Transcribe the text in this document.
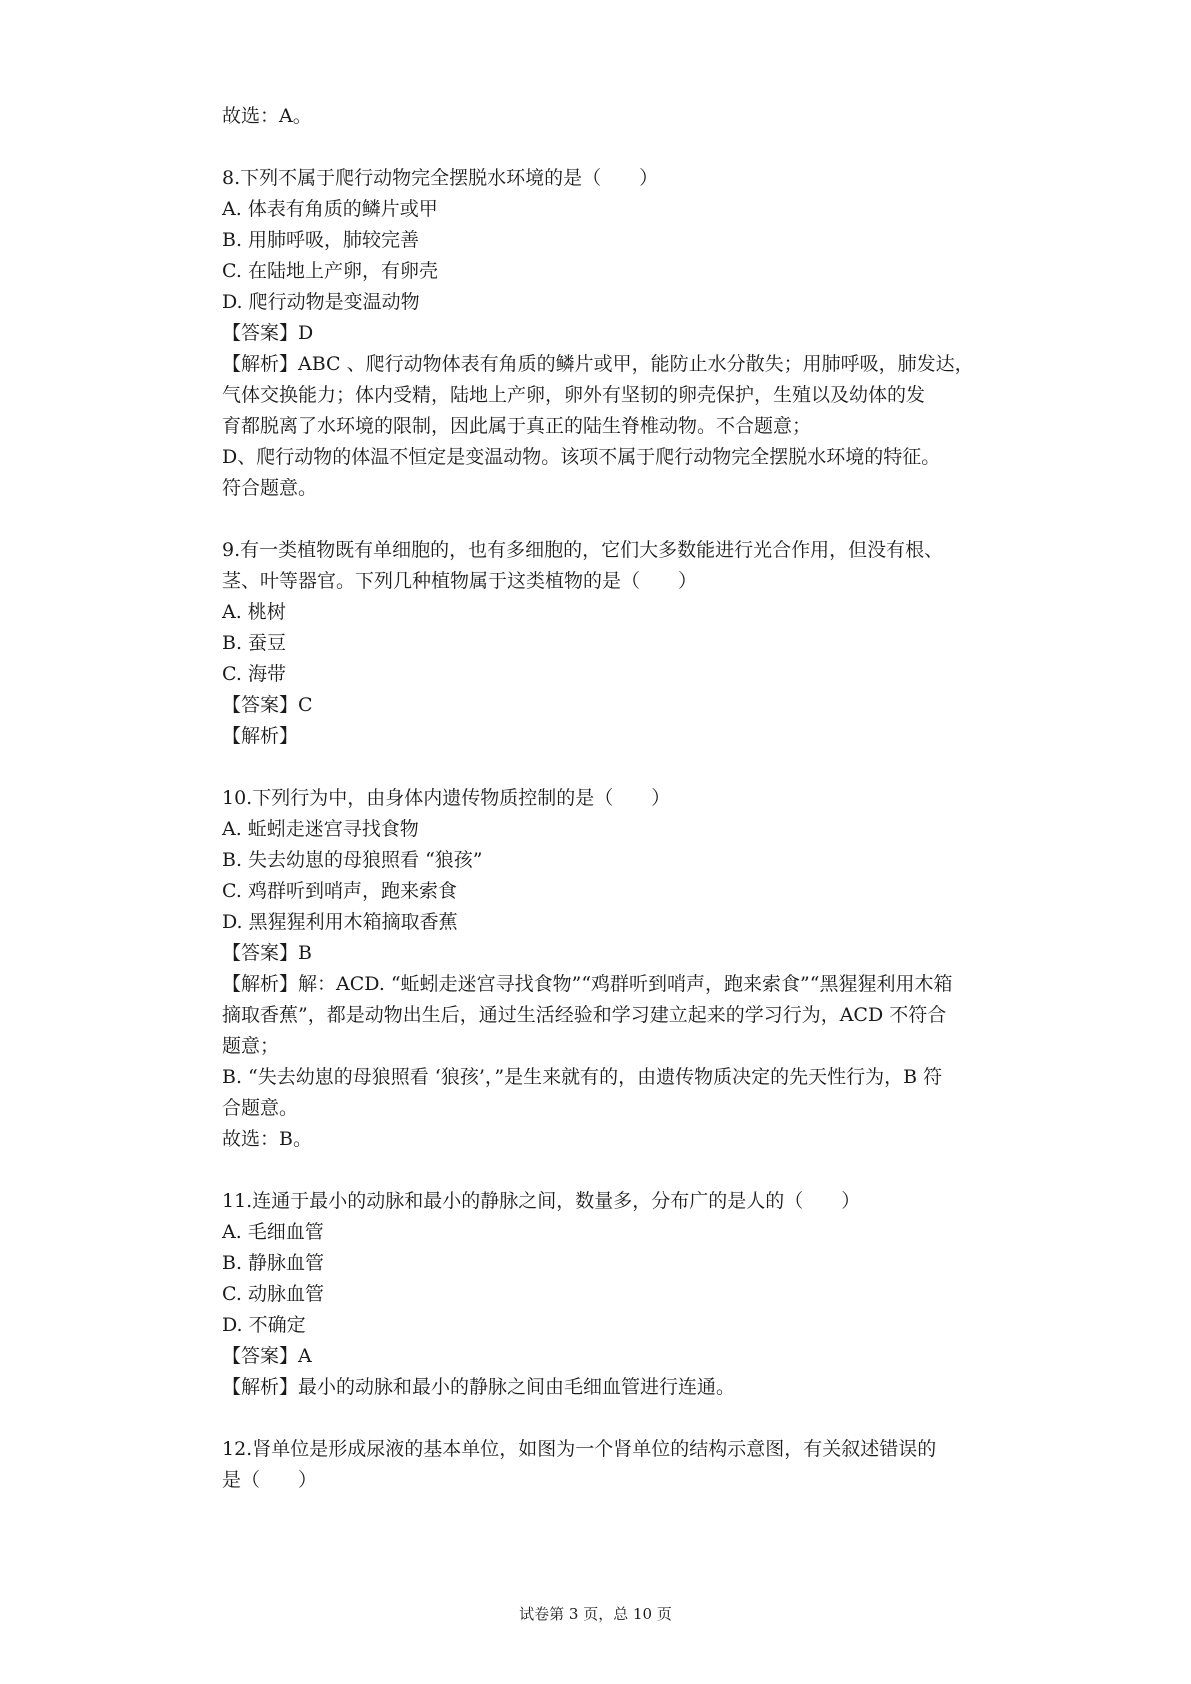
故选：A。
8.下列不属于爬行动物完全摆脱水环境的是（　　）
A. 体表有角质的鳞片或甲
B. 用肺呼吸，肺较完善
C. 在陆地上产卵，有卵壳
D. 爬行动物是变温动物
【答案】D
【解析】ABC 、爬行动物体表有角质的鳞片或甲，能防止水分散失；用肺呼吸，肺发达，
气体交换能力；体内受精，陆地上产卵，卵外有坚韧的卵壳保护，生殖以及幼体的发
育都脱离了水环境的限制，因此属于真正的陆生脊椎动物。不合题意；
D、爬行动物的体温不恒定是变温动物。该项不属于爬行动物完全摆脱水环境的特征。
符合题意。
9.有一类植物既有单细胞的，也有多细胞的，它们大多数能进行光合作用，但没有根、
茎、叶等器官。下列几种植物属于这类植物的是（　　）
A. 桃树
B. 蚕豆
C. 海带
【答案】C
【解析】
10.下列行为中，由身体内遗传物质控制的是（　　）
A. 蚯蚓走迷宫寻找食物
B. 失去幼崽的母狼照看 “狼孩”
C. 鸡群听到哨声，跑来索食
D. 黑猩猩利用木箱摘取香蕉
【答案】B
【解析】解：ACD. “蚯蚓走迷宫寻找食物”“鸡群听到哨声，跑来索食”“黑猩猩利用木箱
摘取香蕉”，都是动物出生后，通过生活经验和学习建立起来的学习行为，ACD 不符合
题意；
B. “失去幼崽的母狼照看 ‘狼孩’，”是生来就有的，由遗传物质决定的先天性行为，B 符
合题意。
故选：B。
11.连通于最小的动脉和最小的静脉之间，数量多，分布广的是人的（　　）
A. 毛细血管
B. 静脉血管
C. 动脉血管
D. 不确定
【答案】A
【解析】最小的动脉和最小的静脉之间由毛细血管进行连通。
12.肾单位是形成尿液的基本单位，如图为一个肾单位的结构示意图，有关叙述错误的
是（　　）
试卷第 3 页，总 10 页
